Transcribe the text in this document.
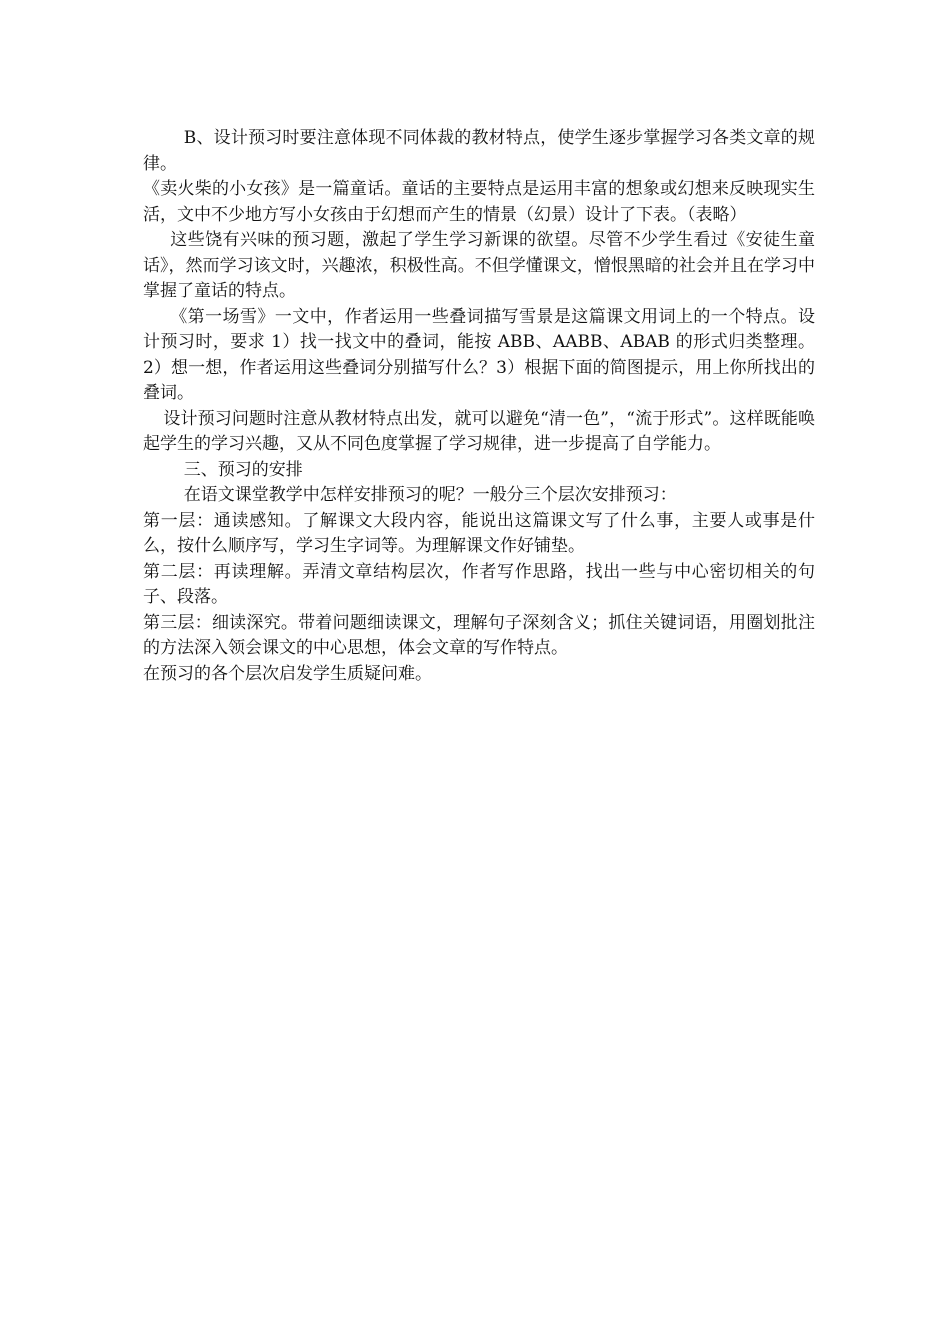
B、设计预习时要注意体现不同体裁的教材特点，使学生逐步掌握学习各类文章的规律。

《卖火柴的小女孩》是一篇童话。童话的主要特点是运用丰富的想象或幻想来反映现实生活，文中不少地方写小女孩由于幻想而产生的情景（幻景）设计了下表。（表略）

这些饶有兴味的预习题，激起了学生学习新课的欲望。尽管不少学生看过《安徒生童话》，然而学习该文时，兴趣浓，积极性高。不但学懂课文，憎恨黑暗的社会并且在学习中掌握了童话的特点。

《第一场雪》一文中，作者运用一些叠词描写雪景是这篇课文用词上的一个特点。设计预习时，要求 1）找一找文中的叠词，能按 ABB、AABB、ABAB 的形式归类整理。2）想一想，作者运用这些叠词分别描写什么？3）根据下面的简图提示，用上你所找出的叠词。

设计预习问题时注意从教材特点出发，就可以避免“清一色”，“流于形式”。这样既能唤起学生的学习兴趣，又从不同色度掌握了学习规律，进一步提高了自学能力。

三、预习的安排

在语文课堂教学中怎样安排预习的呢？一般分三个层次安排预习：

第一层：通读感知。了解课文大段内容，能说出这篇课文写了什么事，主要人或事是什么，按什么顺序写，学习生字词等。为理解课文作好铺垫。

第二层：再读理解。弄清文章结构层次，作者写作思路，找出一些与中心密切相关的句子、段落。

第三层：细读深究。带着问题细读课文，理解句子深刻含义；抓住关键词语，用圈划批注的方法深入领会课文的中心思想，体会文章的写作特点。

在预习的各个层次启发学生质疑问难。
